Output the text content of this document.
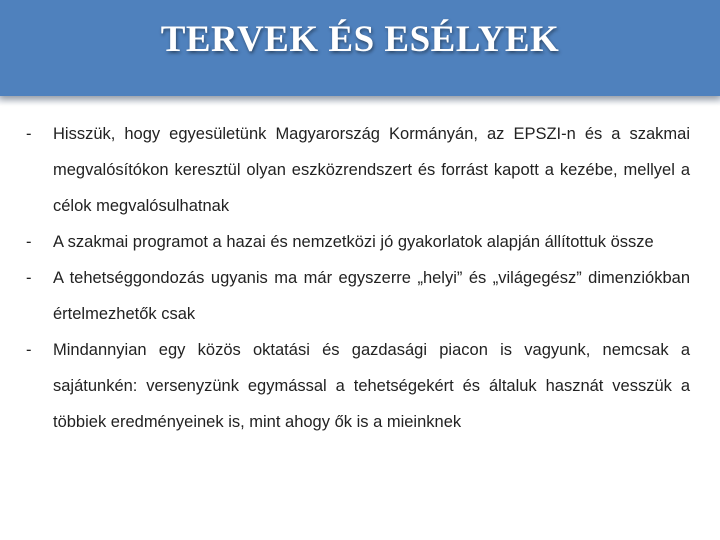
TERVEK ÉS ESÉLYEK

-	Hisszük, hogy egyesületünk Magyarország Kormányán, az EPSZI-n és a szakmai megvalósítókon keresztül olyan eszközrendszert és forrást kapott a kezébe, mellyel a célok megvalósulhatnak

-	A szakmai programot a hazai és nemzetközi jó gyakorlatok alapján állítottuk össze

-	A tehetséggondozás ugyanis ma már egyszerre „helyi” és „világegész” dimenziókban értelmezhetők csak

-	Mindannyian egy közös oktatási és gazdasági piacon is vagyunk, nemcsak a sajátunkén: versenyzünk egymással a tehetségekért és általuk hasznát vesszük a többiek eredményeinek is, mint ahogy ők is a mieinknek
